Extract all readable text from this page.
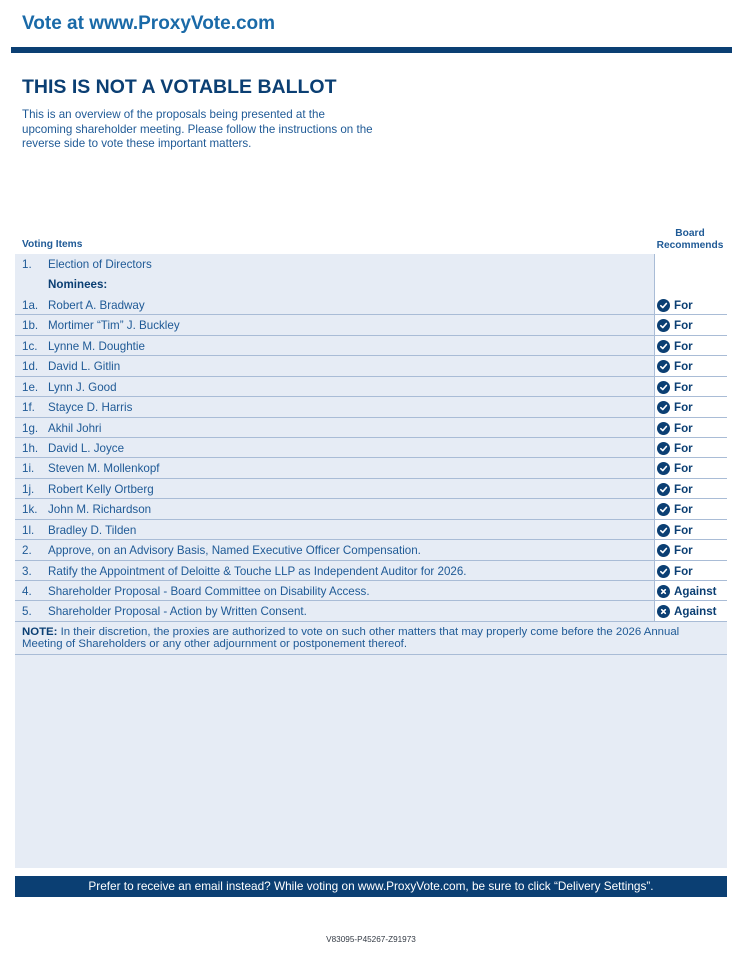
Vote at www.ProxyVote.com
THIS IS NOT A VOTABLE BALLOT
This is an overview of the proposals being presented at the upcoming shareholder meeting. Please follow the instructions on the reverse side to vote these important matters.
Voting Items
Board
Recommends
1. Election of Directors
Nominees:
1a. Robert A. Bradway	For
1b. Mortimer “Tim” J. Buckley	For
1c. Lynne M. Doughtie	For
1d. David L. Gitlin	For
1e. Lynn J. Good	For
1f. Stayce D. Harris	For
1g. Akhil Johri	For
1h. David L. Joyce	For
1i. Steven M. Mollenkopf	For
1j. Robert Kelly Ortberg	For
1k. John M. Richardson	For
1l. Bradley D. Tilden	For
2. Approve, on an Advisory Basis, Named Executive Officer Compensation.	For
3. Ratify the Appointment of Deloitte & Touche LLP as Independent Auditor for 2026.	For
4. Shareholder Proposal - Board Committee on Disability Access.	Against
5. Shareholder Proposal - Action by Written Consent.	Against
NOTE: In their discretion, the proxies are authorized to vote on such other matters that may properly come before the 2026 Annual Meeting of Shareholders or any other adjournment or postponement thereof.
Prefer to receive an email instead? While voting on www.ProxyVote.com, be sure to click “Delivery Settings”.
V83095-P45267-Z91973
